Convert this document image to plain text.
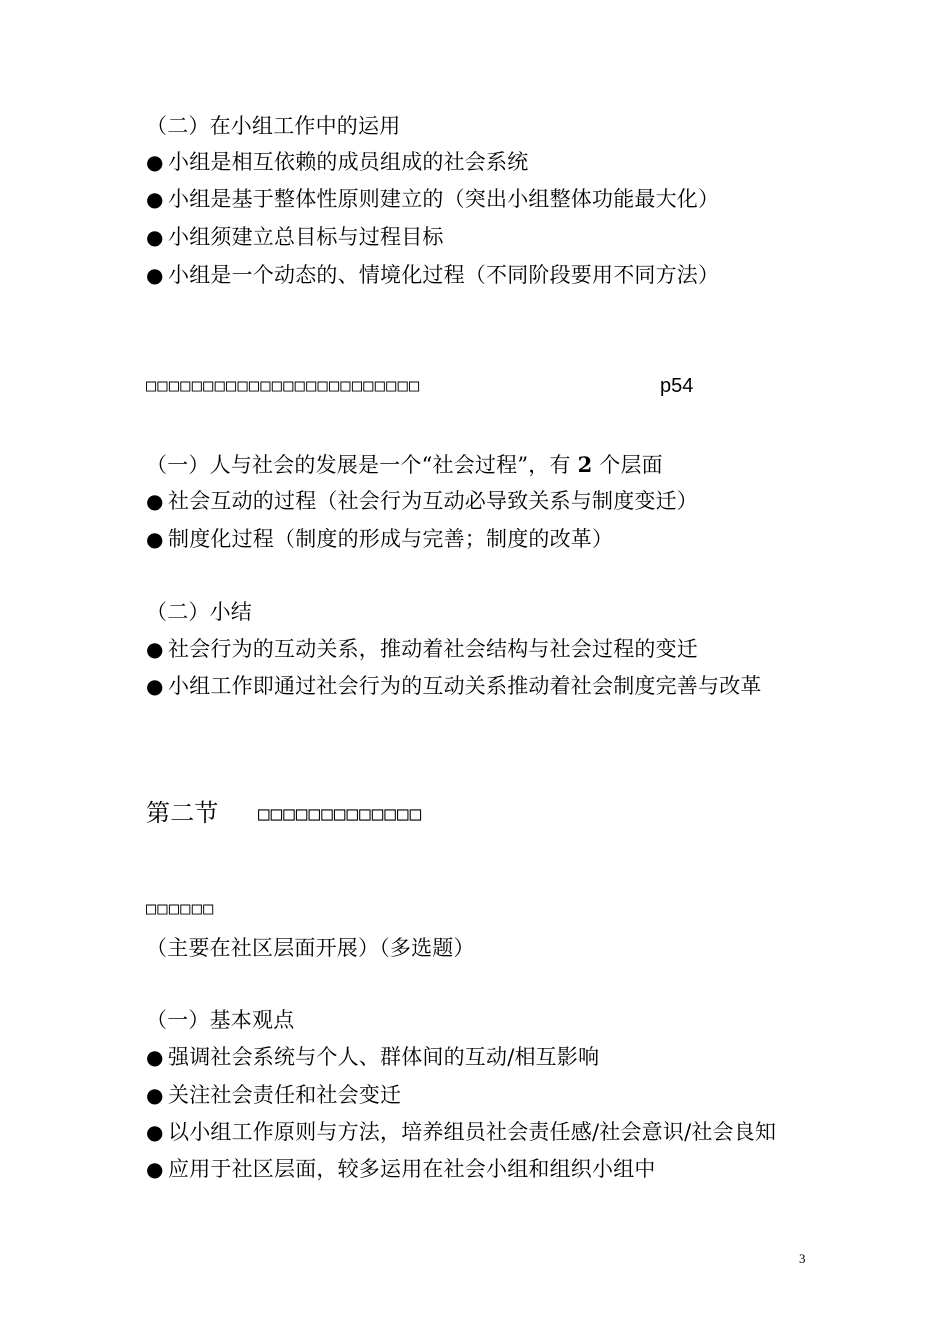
（二）在小组工作中的运用
● 小组是相互依赖的成员组成的社会系统
● 小组是基于整体性原则建立的（突出小组整体功能最大化）
● 小组须建立总目标与过程目标
● 小组是一个动态的、情境化过程（不同阶段要用不同方法）
□□□□□□□□□□□□□□□□□□□□□□□□	p54
（一）人与社会的发展是一个“社会过程”，有 2 个层面
● 社会互动的过程（社会行为互动必导致关系与制度变迁）
● 制度化过程（制度的形成与完善；制度的改革）
（二）小结
● 社会行为的互动关系，推动着社会结构与社会过程的变迁
● 小组工作即通过社会行为的互动关系推动着社会制度完善与改革
第二节 □□□□□□□□□□□□□
□□□□□□
（主要在社区层面开展）（多选题）
（一）基本观点
● 强调社会系统与个人、群体间的互动/相互影响
● 关注社会责任和社会变迁
● 以小组工作原则与方法，培养组员社会责任感/社会意识/社会良知
● 应用于社区层面，较多运用在社会小组和组织小组中
3
